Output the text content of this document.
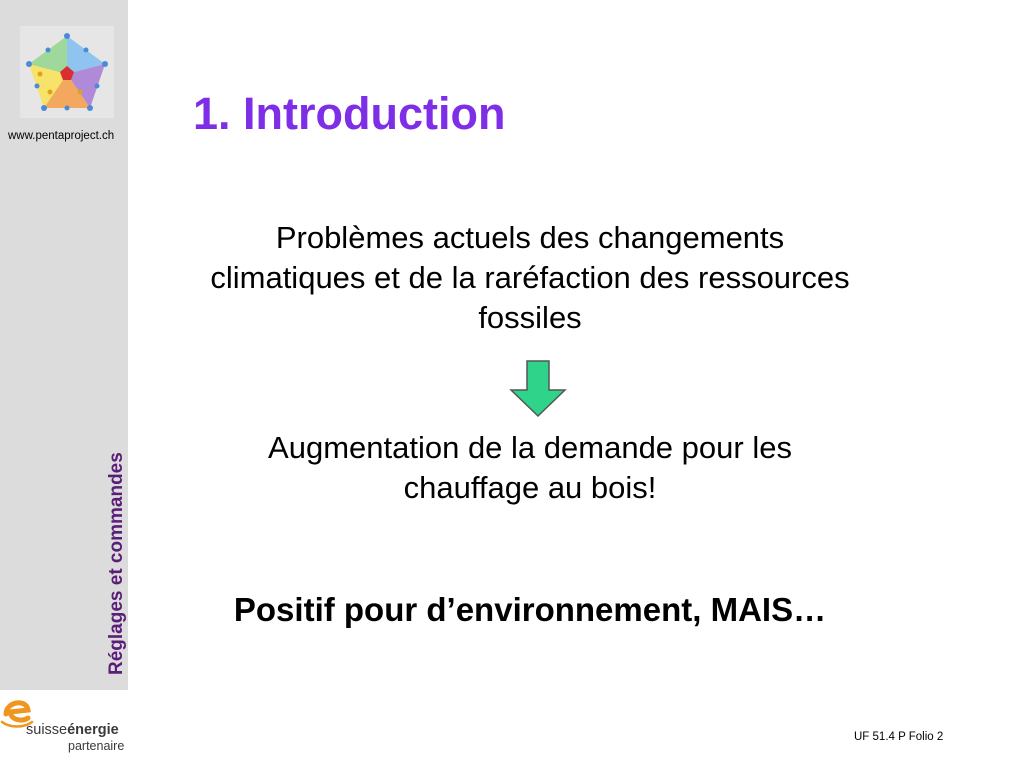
www.pentaproject.ch
Réglages et commandes
suisseénergie
partenaire
1. Introduction
Problèmes actuels des changements climatiques et de la raréfaction des ressources fossiles
Augmentation de la demande pour les chauffage au bois!
Positif pour d’environnement, MAIS…
UF 51.4 P Folio 2
